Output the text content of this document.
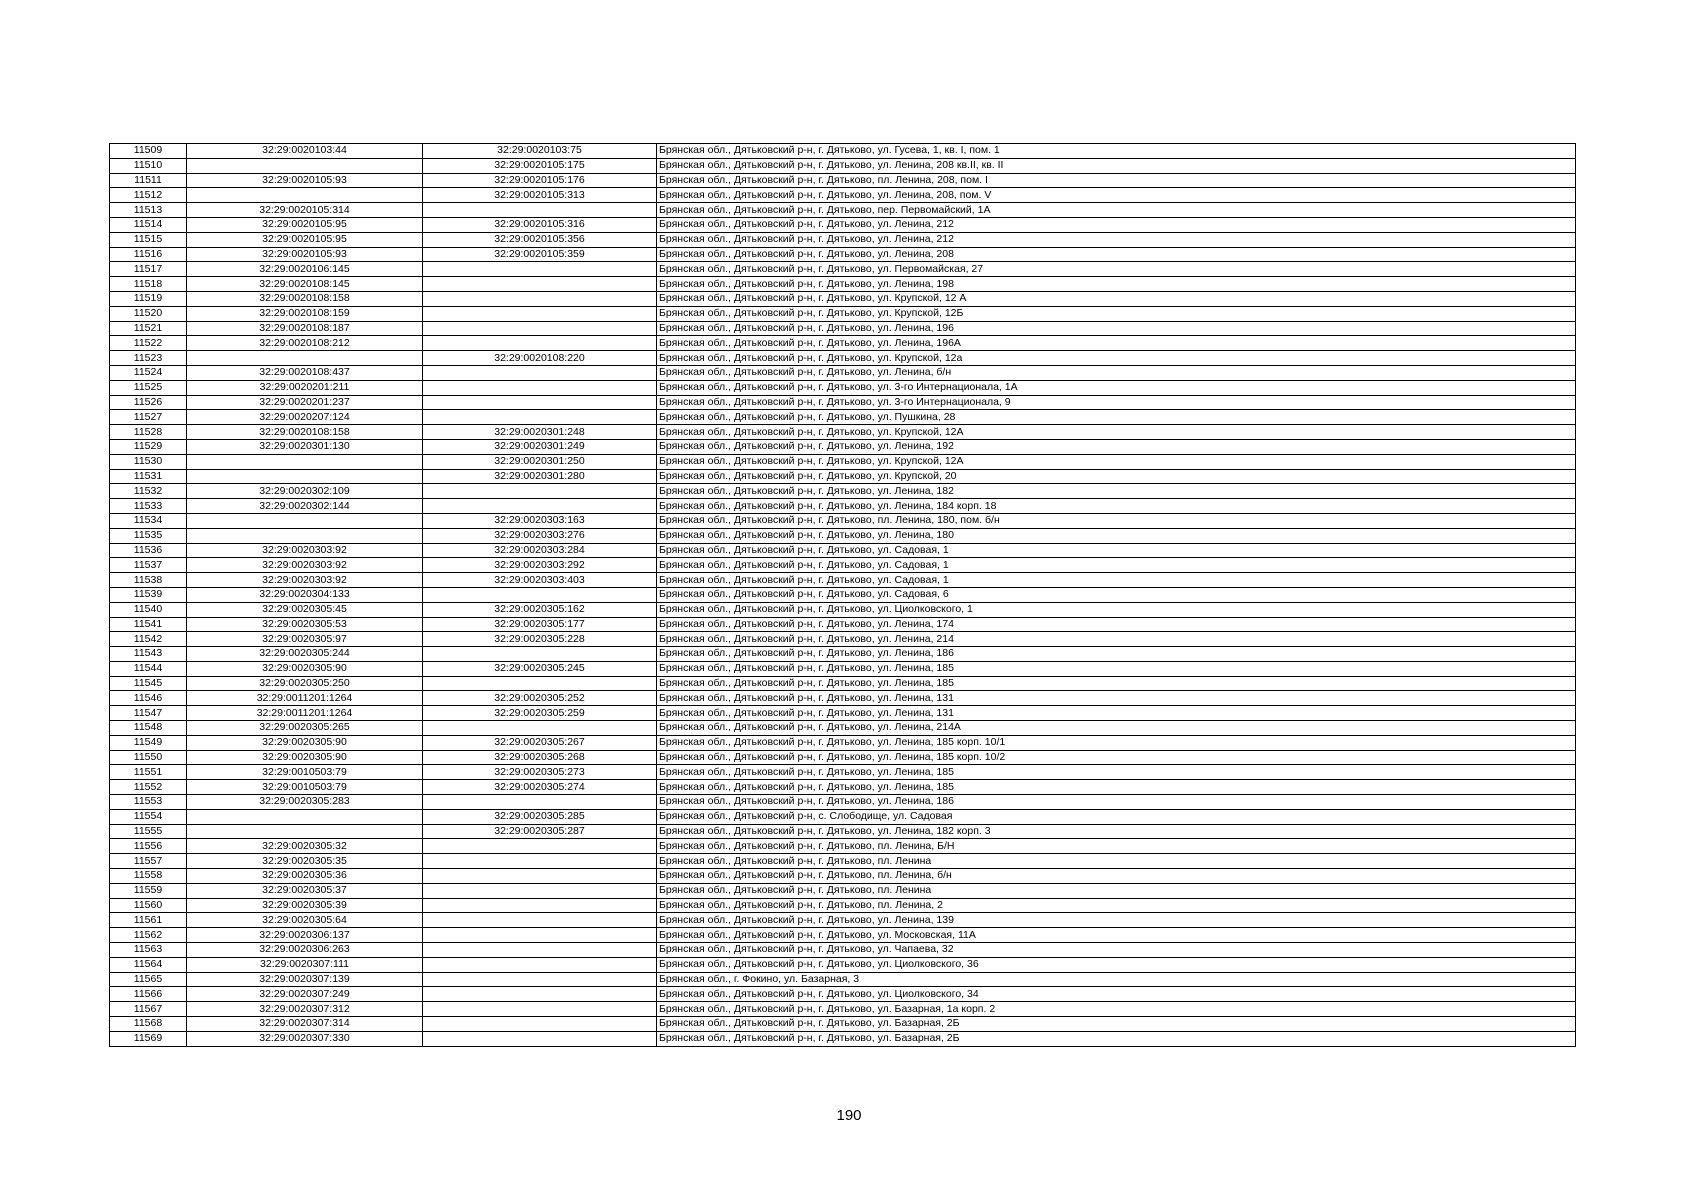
11509	32:29:0020103:44	32:29:0020103:75	Брянская обл., Дятьковский р-н, г. Дятьково, ул. Гусева, 1, кв. I, пом. 1
11510		32:29:0020105:175	Брянская обл., Дятьковский р-н, г. Дятьково, ул. Ленина, 208 кв.II, кв. II
11511	32:29:0020105:93	32:29:0020105:176	Брянская обл., Дятьковский р-н, г. Дятьково, пл. Ленина, 208, пом. I
11512		32:29:0020105:313	Брянская обл., Дятьковский р-н, г. Дятьково, ул. Ленина, 208, пом. V
11513	32:29:0020105:314		Брянская обл., Дятьковский р-н, г. Дятьково, пер. Первомайский, 1А
11514	32:29:0020105:95	32:29:0020105:316	Брянская обл., Дятьковский р-н, г. Дятьково, ул. Ленина, 212
11515	32:29:0020105:95	32:29:0020105:356	Брянская обл., Дятьковский р-н, г. Дятьково, ул. Ленина, 212
11516	32:29:0020105:93	32:29:0020105:359	Брянская обл., Дятьковский р-н, г. Дятьково, ул. Ленина, 208
11517	32:29:0020106:145		Брянская обл., Дятьковский р-н, г. Дятьково, ул. Первомайская, 27
11518	32:29:0020108:145		Брянская обл., Дятьковский р-н, г. Дятьково, ул. Ленина, 198
11519	32:29:0020108:158		Брянская обл., Дятьковский р-н, г. Дятьково, ул. Крупской, 12 А
11520	32:29:0020108:159		Брянская обл., Дятьковский р-н, г. Дятьково, ул. Крупской, 12Б
11521	32:29:0020108:187		Брянская обл., Дятьковский р-н, г. Дятьково, ул. Ленина, 196
11522	32:29:0020108:212		Брянская обл., Дятьковский р-н, г. Дятьково, ул. Ленина, 196А
11523		32:29:0020108:220	Брянская обл., Дятьковский р-н, г. Дятьково, ул. Крупской, 12а
11524	32:29:0020108:437		Брянская обл., Дятьковский р-н, г. Дятьково, ул. Ленина, б/н
11525	32:29:0020201:211		Брянская обл., Дятьковский р-н, г. Дятьково, ул. 3-го Интернационала, 1А
11526	32:29:0020201:237		Брянская обл., Дятьковский р-н, г. Дятьково, ул. 3-го Интернационала, 9
11527	32:29:0020207:124		Брянская обл., Дятьковский р-н, г. Дятьково, ул. Пушкина, 28
11528	32:29:0020108:158	32:29:0020301:248	Брянская обл., Дятьковский р-н, г. Дятьково, ул. Крупской, 12А
11529	32:29:0020301:130	32:29:0020301:249	Брянская обл., Дятьковский р-н, г. Дятьково, ул. Ленина, 192
11530		32:29:0020301:250	Брянская обл., Дятьковский р-н, г. Дятьково, ул. Крупской, 12А
11531		32:29:0020301:280	Брянская обл., Дятьковский р-н, г. Дятьково, ул. Крупской, 20
11532	32:29:0020302:109		Брянская обл., Дятьковский р-н, г. Дятьково, ул. Ленина, 182
11533	32:29:0020302:144		Брянская обл., Дятьковский р-н, г. Дятьково, ул. Ленина, 184 корп. 18
11534		32:29:0020303:163	Брянская обл., Дятьковский р-н, г. Дятьково, пл. Ленина, 180, пом. б/н
11535		32:29:0020303:276	Брянская обл., Дятьковский р-н, г. Дятьково, ул. Ленина, 180
11536	32:29:0020303:92	32:29:0020303:284	Брянская обл., Дятьковский р-н, г. Дятьково, ул. Садовая, 1
11537	32:29:0020303:92	32:29:0020303:292	Брянская обл., Дятьковский р-н, г. Дятьково, ул. Садовая, 1
11538	32:29:0020303:92	32:29:0020303:403	Брянская обл., Дятьковский р-н, г. Дятьково, ул. Садовая, 1
11539	32:29:0020304:133		Брянская обл., Дятьковский р-н, г. Дятьково, ул. Садовая, 6
11540	32:29:0020305:45	32:29:0020305:162	Брянская обл., Дятьковский р-н, г. Дятьково, ул. Циолковского, 1
11541	32:29:0020305:53	32:29:0020305:177	Брянская обл., Дятьковский р-н, г. Дятьково, ул. Ленина, 174
11542	32:29:0020305:97	32:29:0020305:228	Брянская обл., Дятьковский р-н, г. Дятьково, ул. Ленина, 214
11543	32:29:0020305:244		Брянская обл., Дятьковский р-н, г. Дятьково, ул. Ленина, 186
11544	32:29:0020305:90	32:29:0020305:245	Брянская обл., Дятьковский р-н, г. Дятьково, ул. Ленина, 185
11545	32:29:0020305:250		Брянская обл., Дятьковский р-н, г. Дятьково, ул. Ленина, 185
11546	32:29:0011201:1264	32:29:0020305:252	Брянская обл., Дятьковский р-н, г. Дятьково, ул. Ленина, 131
11547	32:29:0011201:1264	32:29:0020305:259	Брянская обл., Дятьковский р-н, г. Дятьково, ул. Ленина, 131
11548	32:29:0020305:265		Брянская обл., Дятьковский р-н, г. Дятьково, ул. Ленина, 214А
11549	32:29:0020305:90	32:29:0020305:267	Брянская обл., Дятьковский р-н, г. Дятьково, ул. Ленина, 185 корп. 10/1
11550	32:29:0020305:90	32:29:0020305:268	Брянская обл., Дятьковский р-н, г. Дятьково, ул. Ленина, 185 корп. 10/2
11551	32:29:0010503:79	32:29:0020305:273	Брянская обл., Дятьковский р-н, г. Дятьково, ул. Ленина, 185
11552	32:29:0010503:79	32:29:0020305:274	Брянская обл., Дятьковский р-н, г. Дятьково, ул. Ленина, 185
11553	32:29:0020305:283		Брянская обл., Дятьковский р-н, г. Дятьково, ул. Ленина, 186
11554		32:29:0020305:285	Брянская обл., Дятьковский р-н, с. Слободище, ул. Садовая
11555		32:29:0020305:287	Брянская обл., Дятьковский р-н, г. Дятьково, ул. Ленина, 182 корп. 3
11556	32:29:0020305:32		Брянская обл., Дятьковский р-н, г. Дятьково, пл. Ленина, Б/Н
11557	32:29:0020305:35		Брянская обл., Дятьковский р-н, г. Дятьково, пл. Ленина
11558	32:29:0020305:36		Брянская обл., Дятьковский р-н, г. Дятьково, пл. Ленина, б/н
11559	32:29:0020305:37		Брянская обл., Дятьковский р-н, г. Дятьково, пл. Ленина
11560	32:29:0020305:39		Брянская обл., Дятьковский р-н, г. Дятьково, пл. Ленина, 2
11561	32:29:0020305:64		Брянская обл., Дятьковский р-н, г. Дятьково, ул. Ленина, 139
11562	32:29:0020306:137		Брянская обл., Дятьковский р-н, г. Дятьково, ул. Московская, 11А
11563	32:29:0020306:263		Брянская обл., Дятьковский р-н, г. Дятьково, ул. Чапаева, 32
11564	32:29:0020307:111		Брянская обл., Дятьковский р-н, г. Дятьково, ул. Циолковского, 36
11565	32:29:0020307:139		Брянская обл., г. Фокино, ул. Базарная, 3
11566	32:29:0020307:249		Брянская обл., Дятьковский р-н, г. Дятьково, ул. Циолковского, 34
11567	32:29:0020307:312		Брянская обл., Дятьковский р-н, г. Дятьково, ул. Базарная, 1а корп. 2
11568	32:29:0020307:314		Брянская обл., Дятьковский р-н, г. Дятьково, ул. Базарная, 2Б
11569	32:29:0020307:330		Брянская обл., Дятьковский р-н, г. Дятьково, ул. Базарная, 2Б
190
